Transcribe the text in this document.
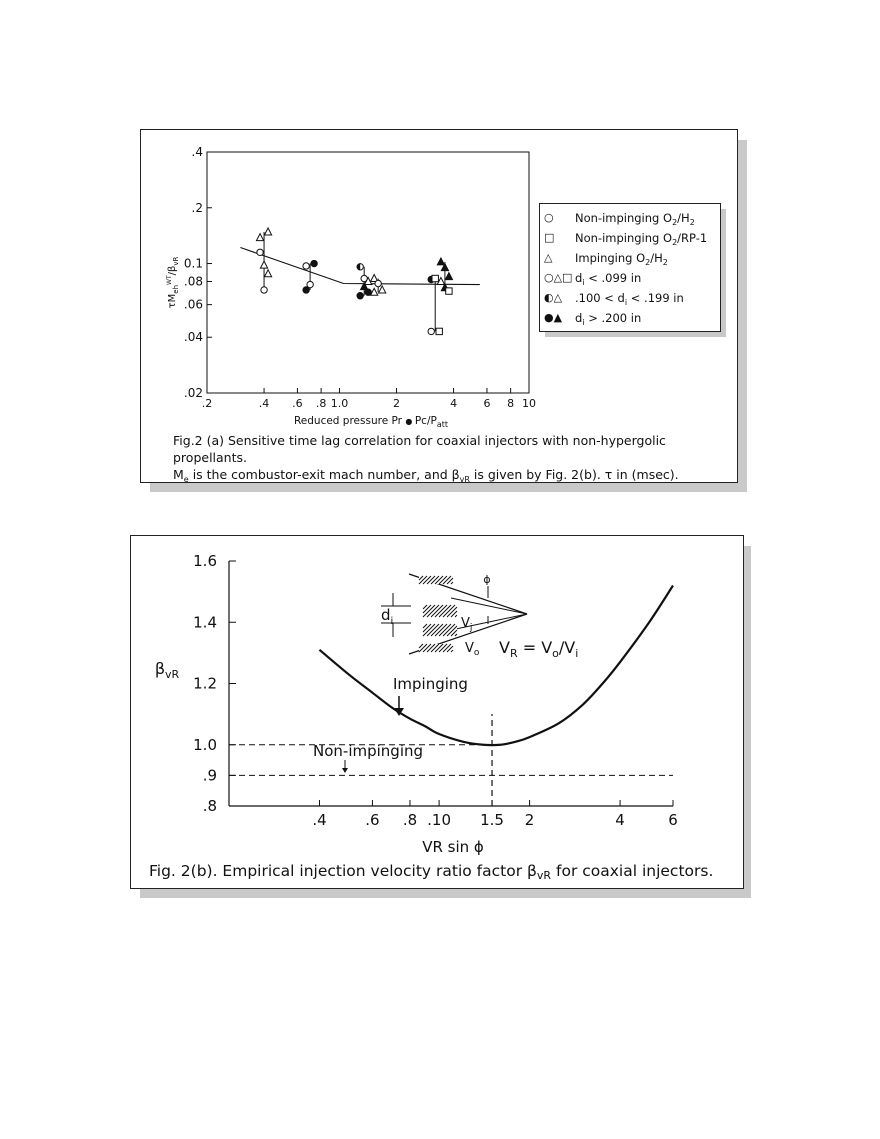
.2	.4 .6 .8 1.0	2	4 6 8 10
.4
.2
0.1
.08
.06
.04
.02
Reduced pressure Pr ● $Pc/P_{att}$
$\tau M_{eh}^{WT}/\beta_{vR}$
○ Non-impinging $O_2/H_2$
□ Non-impinging $O_2/RP-1$
△ Impinging $O_2/H_2$
○△□ $d_i < .099$ in
◐△ $.100 < d_i < .199$ in
●▲ $d_i > .200$ in
Fig.2 (a) Sensitive time lag correlation for coaxial injectors with non-hypergolic propellants.
$M_e$ is the combustor-exit mach number, and $\beta_{vR}$ is given by Fig. 2(b). τ in (msec).
1.6
1.4
1.2
1.0
.9
.8
.4	.6 .8 .10 1.5 2	4	6
VR sin ϕ
$\beta_{vR}$
Impinging
Non-impinging
$d_i$
ϕ
$V_j$
$V_o$ $V_R = V_o/V_i$
Fig. 2(b). Empirical injection velocity ratio factor βvR for coaxial injectors.
